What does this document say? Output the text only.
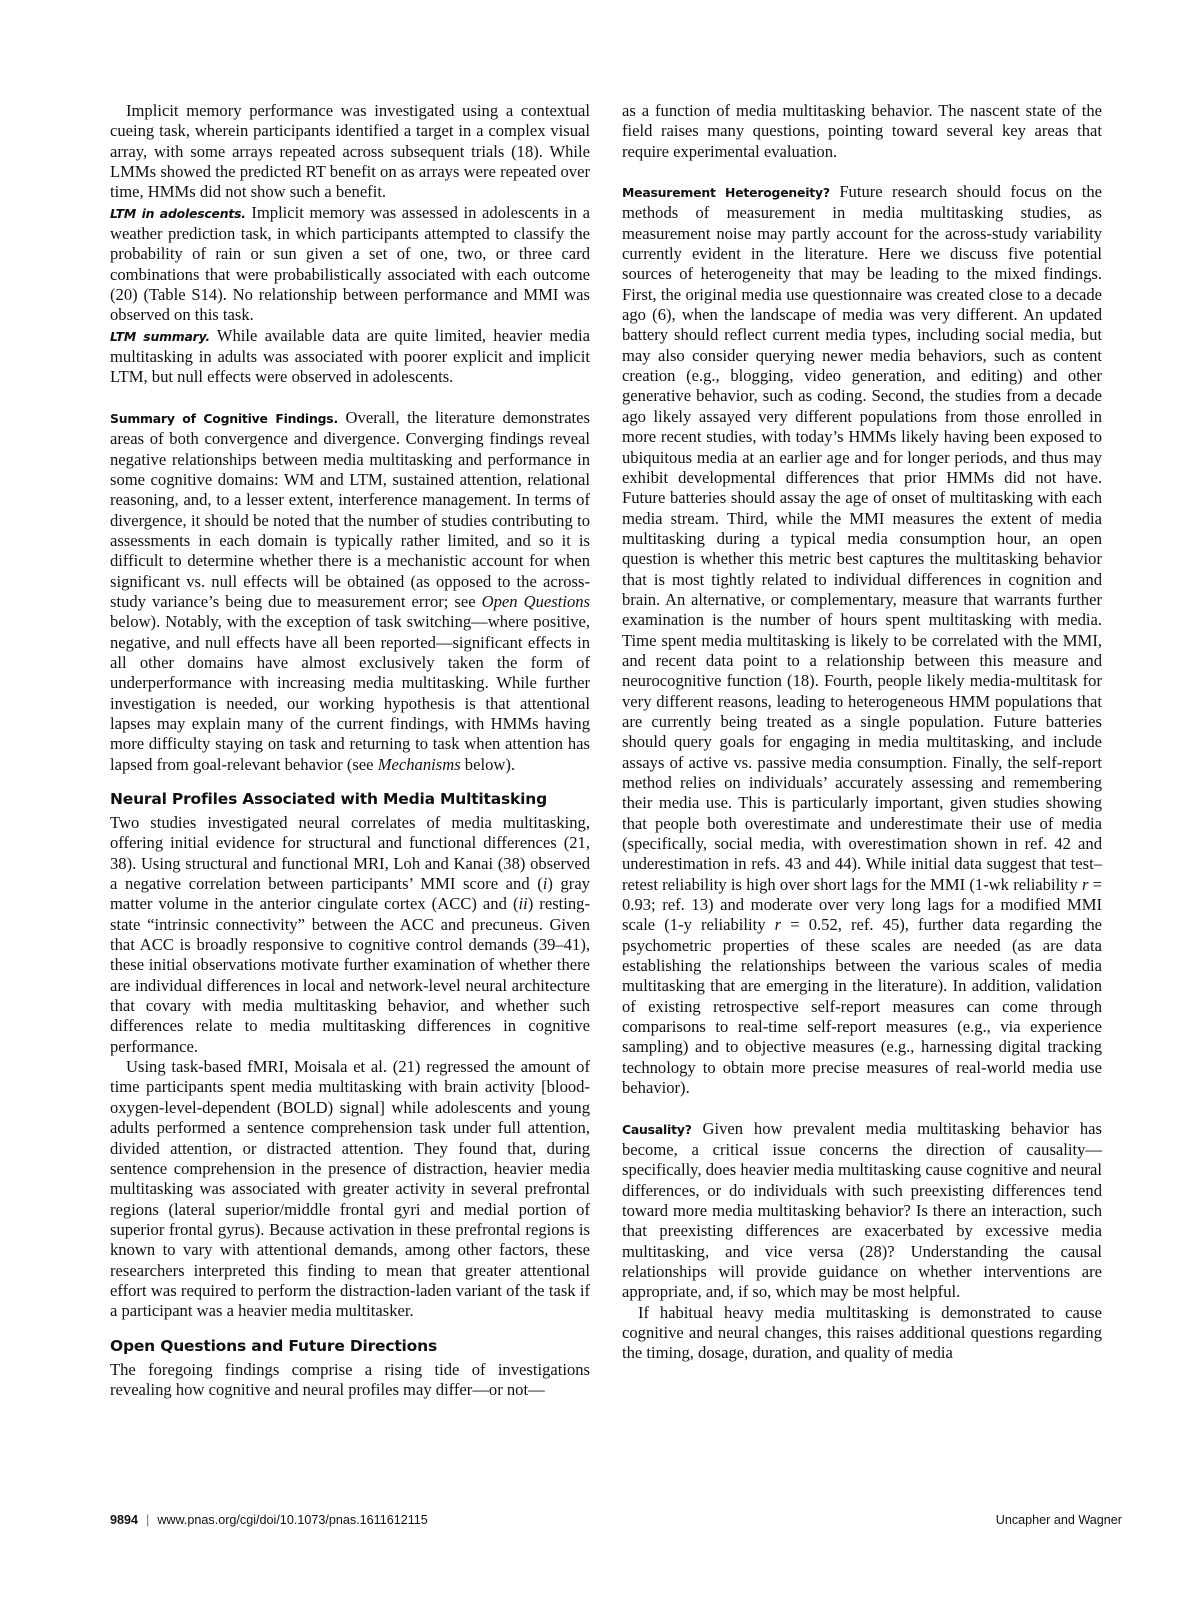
Implicit memory performance was investigated using a contextual cueing task, wherein participants identified a target in a complex visual array, with some arrays repeated across subsequent trials (18). While LMMs showed the predicted RT benefit on as arrays were repeated over time, HMMs did not show such a benefit.

LTM in adolescents. Implicit memory was assessed in adolescents in a weather prediction task, in which participants attempted to classify the probability of rain or sun given a set of one, two, or three card combinations that were probabilistically associated with each outcome (20) (Table S14). No relationship between performance and MMI was observed on this task.

LTM summary. While available data are quite limited, heavier media multitasking in adults was associated with poorer explicit and implicit LTM, but null effects were observed in adolescents.

Summary of Cognitive Findings. Overall, the literature demonstrates areas of both convergence and divergence. Converging findings reveal negative relationships between media multitasking and performance in some cognitive domains: WM and LTM, sustained attention, relational reasoning, and, to a lesser extent, interference management. In terms of divergence, it should be noted that the number of studies contributing to assessments in each domain is typically rather limited, and so it is difficult to determine whether there is a mechanistic account for when significant vs. null effects will be obtained (as opposed to the across-study variance’s being due to measurement error; see Open Questions below). Notably, with the exception of task switching—where positive, negative, and null effects have all been reported—significant effects in all other domains have almost exclusively taken the form of underperformance with increasing media multitasking. While further investigation is needed, our working hypothesis is that attentional lapses may explain many of the current findings, with HMMs having more difficulty staying on task and returning to task when attention has lapsed from goal-relevant behavior (see Mechanisms below).

Neural Profiles Associated with Media Multitasking

Two studies investigated neural correlates of media multitasking, offering initial evidence for structural and functional differences (21, 38). Using structural and functional MRI, Loh and Kanai (38) observed a negative correlation between participants’ MMI score and (i) gray matter volume in the anterior cingulate cortex (ACC) and (ii) resting-state “intrinsic connectivity” between the ACC and precuneus. Given that ACC is broadly responsive to cognitive control demands (39–41), these initial observations motivate further examination of whether there are individual differences in local and network-level neural architecture that covary with media multitasking behavior, and whether such differences relate to media multitasking differences in cognitive performance.

Using task-based fMRI, Moisala et al. (21) regressed the amount of time participants spent media multitasking with brain activity [blood-oxygen-level-dependent (BOLD) signal] while adolescents and young adults performed a sentence comprehension task under full attention, divided attention, or distracted attention. They found that, during sentence comprehension in the presence of distraction, heavier media multitasking was associated with greater activity in several prefrontal regions (lateral superior/middle frontal gyri and medial portion of superior frontal gyrus). Because activation in these prefrontal regions is known to vary with attentional demands, among other factors, these researchers interpreted this finding to mean that greater attentional effort was required to perform the distraction-laden variant of the task if a participant was a heavier media multitasker.

Open Questions and Future Directions

The foregoing findings comprise a rising tide of investigations revealing how cognitive and neural profiles may differ—or not—

as a function of media multitasking behavior. The nascent state of the field raises many questions, pointing toward several key areas that require experimental evaluation.

Measurement Heterogeneity? Future research should focus on the methods of measurement in media multitasking studies, as measurement noise may partly account for the across-study variability currently evident in the literature. Here we discuss five potential sources of heterogeneity that may be leading to the mixed findings. First, the original media use questionnaire was created close to a decade ago (6), when the landscape of media was very different. An updated battery should reflect current media types, including social media, but may also consider querying newer media behaviors, such as content creation (e.g., blogging, video generation, and editing) and other generative behavior, such as coding. Second, the studies from a decade ago likely assayed very different populations from those enrolled in more recent studies, with today’s HMMs likely having been exposed to ubiquitous media at an earlier age and for longer periods, and thus may exhibit developmental differences that prior HMMs did not have. Future batteries should assay the age of onset of multitasking with each media stream. Third, while the MMI measures the extent of media multitasking during a typical media consumption hour, an open question is whether this metric best captures the multitasking behavior that is most tightly related to individual differences in cognition and brain. An alternative, or complementary, measure that warrants further examination is the number of hours spent multitasking with media. Time spent media multitasking is likely to be correlated with the MMI, and recent data point to a relationship between this measure and neurocognitive function (18). Fourth, people likely media-multitask for very different reasons, leading to heterogeneous HMM populations that are currently being treated as a single population. Future batteries should query goals for engaging in media multitasking, and include assays of active vs. passive media consumption. Finally, the self-report method relies on individuals’ accurately assessing and remembering their media use. This is particularly important, given studies showing that people both overestimate and underestimate their use of media (specifically, social media, with overestimation shown in ref. 42 and underestimation in refs. 43 and 44). While initial data suggest that test–retest reliability is high over short lags for the MMI (1-wk reliability r = 0.93; ref. 13) and moderate over very long lags for a modified MMI scale (1-y reliability r = 0.52, ref. 45), further data regarding the psychometric properties of these scales are needed (as are data establishing the relationships between the various scales of media multitasking that are emerging in the literature). In addition, validation of existing retrospective self-report measures can come through comparisons to real-time self-report measures (e.g., via experience sampling) and to objective measures (e.g., harnessing digital tracking technology to obtain more precise measures of real-world media use behavior).

Causality? Given how prevalent media multitasking behavior has become, a critical issue concerns the direction of causality—specifically, does heavier media multitasking cause cognitive and neural differences, or do individuals with such preexisting differences tend toward more media multitasking behavior? Is there an interaction, such that preexisting differences are exacerbated by excessive media multitasking, and vice versa (28)? Understanding the causal relationships will provide guidance on whether interventions are appropriate, and, if so, which may be most helpful.

If habitual heavy media multitasking is demonstrated to cause cognitive and neural changes, this raises additional questions regarding the timing, dosage, duration, and quality of media

9894 | www.pnas.org/cgi/doi/10.1073/pnas.1611612115	Uncapher and Wagner
